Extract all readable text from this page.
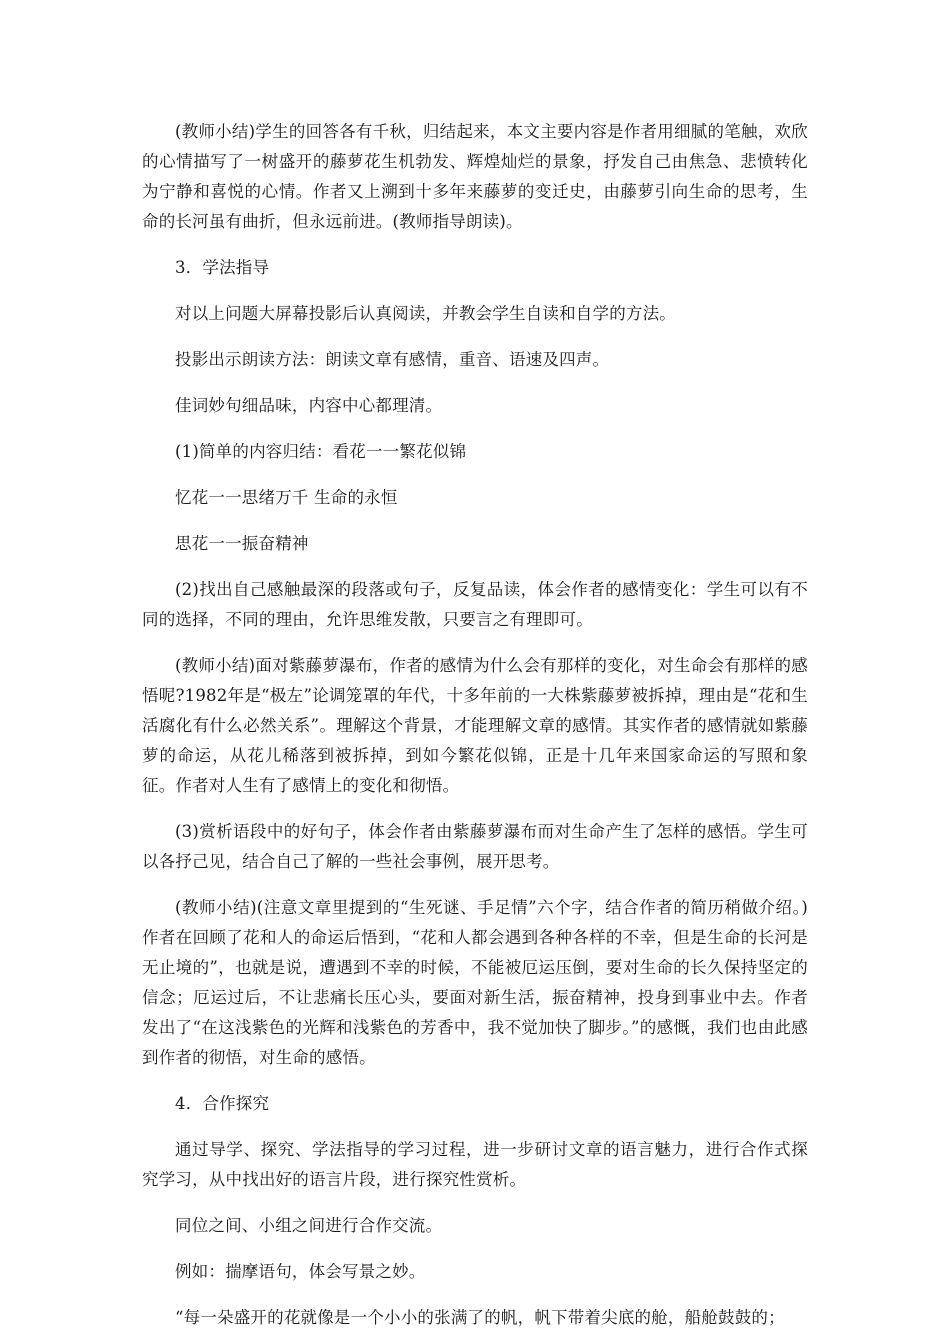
(教师小结)学生的回答各有千秋，归结起来，本文主要内容是作者用细腻的笔触，欢欣的心情描写了一树盛开的藤萝花生机勃发、辉煌灿烂的景象，抒发自己由焦急、悲愤转化为宁静和喜悦的心情。作者又上溯到十多年来藤萝的变迁史，由藤萝引向生命的思考，生命的长河虽有曲折，但永远前进。(教师指导朗读)。

3．学法指导

对以上问题大屏幕投影后认真阅读，并教会学生自读和自学的方法。

投影出示朗读方法：朗读文章有感情，重音、语速及四声。

佳词妙句细品味，内容中心都理清。

(1)简单的内容归结：看花一一繁花似锦

忆花一一思绪万千 生命的永恒

思花一一振奋精神

(2)找出自己感触最深的段落或句子，反复品读，体会作者的感情变化：学生可以有不同的选择，不同的理由，允许思维发散，只要言之有理即可。

(教师小结)面对紫藤萝瀑布，作者的感情为什么会有那样的变化，对生命会有那样的感悟呢?1982年是“极左”论调笼罩的年代，十多年前的一大株紫藤萝被拆掉，理由是“花和生活腐化有什么必然关系”。理解这个背景，才能理解文章的感情。其实作者的感情就如紫藤萝的命运，从花儿稀落到被拆掉，到如今繁花似锦，正是十几年来国家命运的写照和象征。作者对人生有了感情上的变化和彻悟。

(3)赏析语段中的好句子，体会作者由紫藤萝瀑布而对生命产生了怎样的感悟。学生可以各抒己见，结合自己了解的一些社会事例，展开思考。

(教师小结)(注意文章里提到的“生死谜、手足情”六个字，结合作者的简历稍做介绍。)作者在回顾了花和人的命运后悟到，“花和人都会遇到各种各样的不幸，但是生命的长河是无止境的”，也就是说，遭遇到不幸的时候，不能被厄运压倒，要对生命的长久保持坚定的信念；厄运过后，不让悲痛长压心头，要面对新生活，振奋精神，投身到事业中去。作者发出了“在这浅紫色的光辉和浅紫色的芳香中，我不觉加快了脚步。”的感慨，我们也由此感到作者的彻悟，对生命的感悟。

4．合作探究

通过导学、探究、学法指导的学习过程，进一步研讨文章的语言魅力，进行合作式探究学习，从中找出好的语言片段，进行探究性赏析。

同位之间、小组之间进行合作交流。

例如：揣摩语句，体会写景之妙。

“每一朵盛开的花就像是一个小小的张满了的帆，帆下带着尖底的舱，船舱鼓鼓的；
